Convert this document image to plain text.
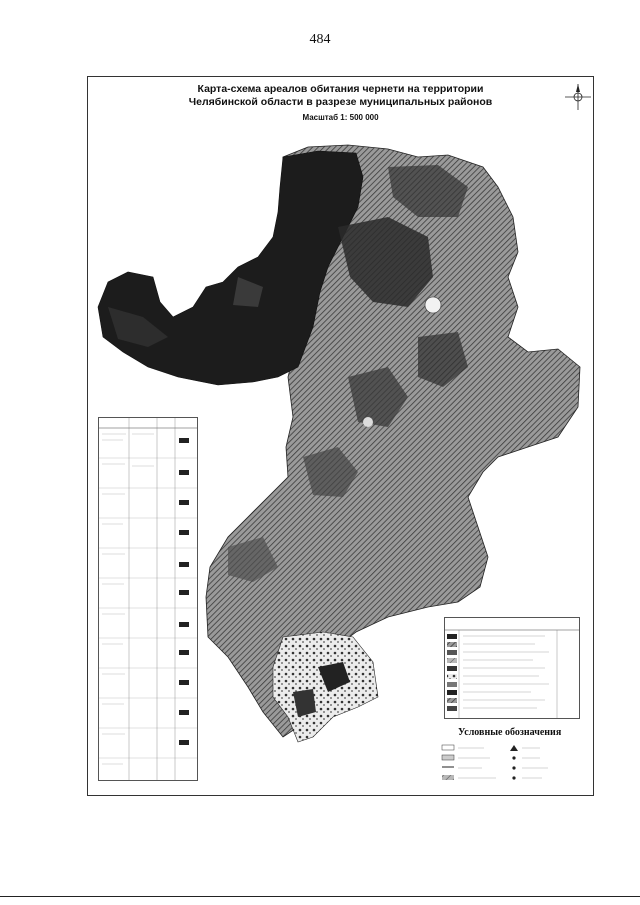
484
Карта-схема ареалов обитания чернети на территории
Челябинской области в разрезе муниципальных районов
Масштаб 1: 500 000
Условные обозначения
